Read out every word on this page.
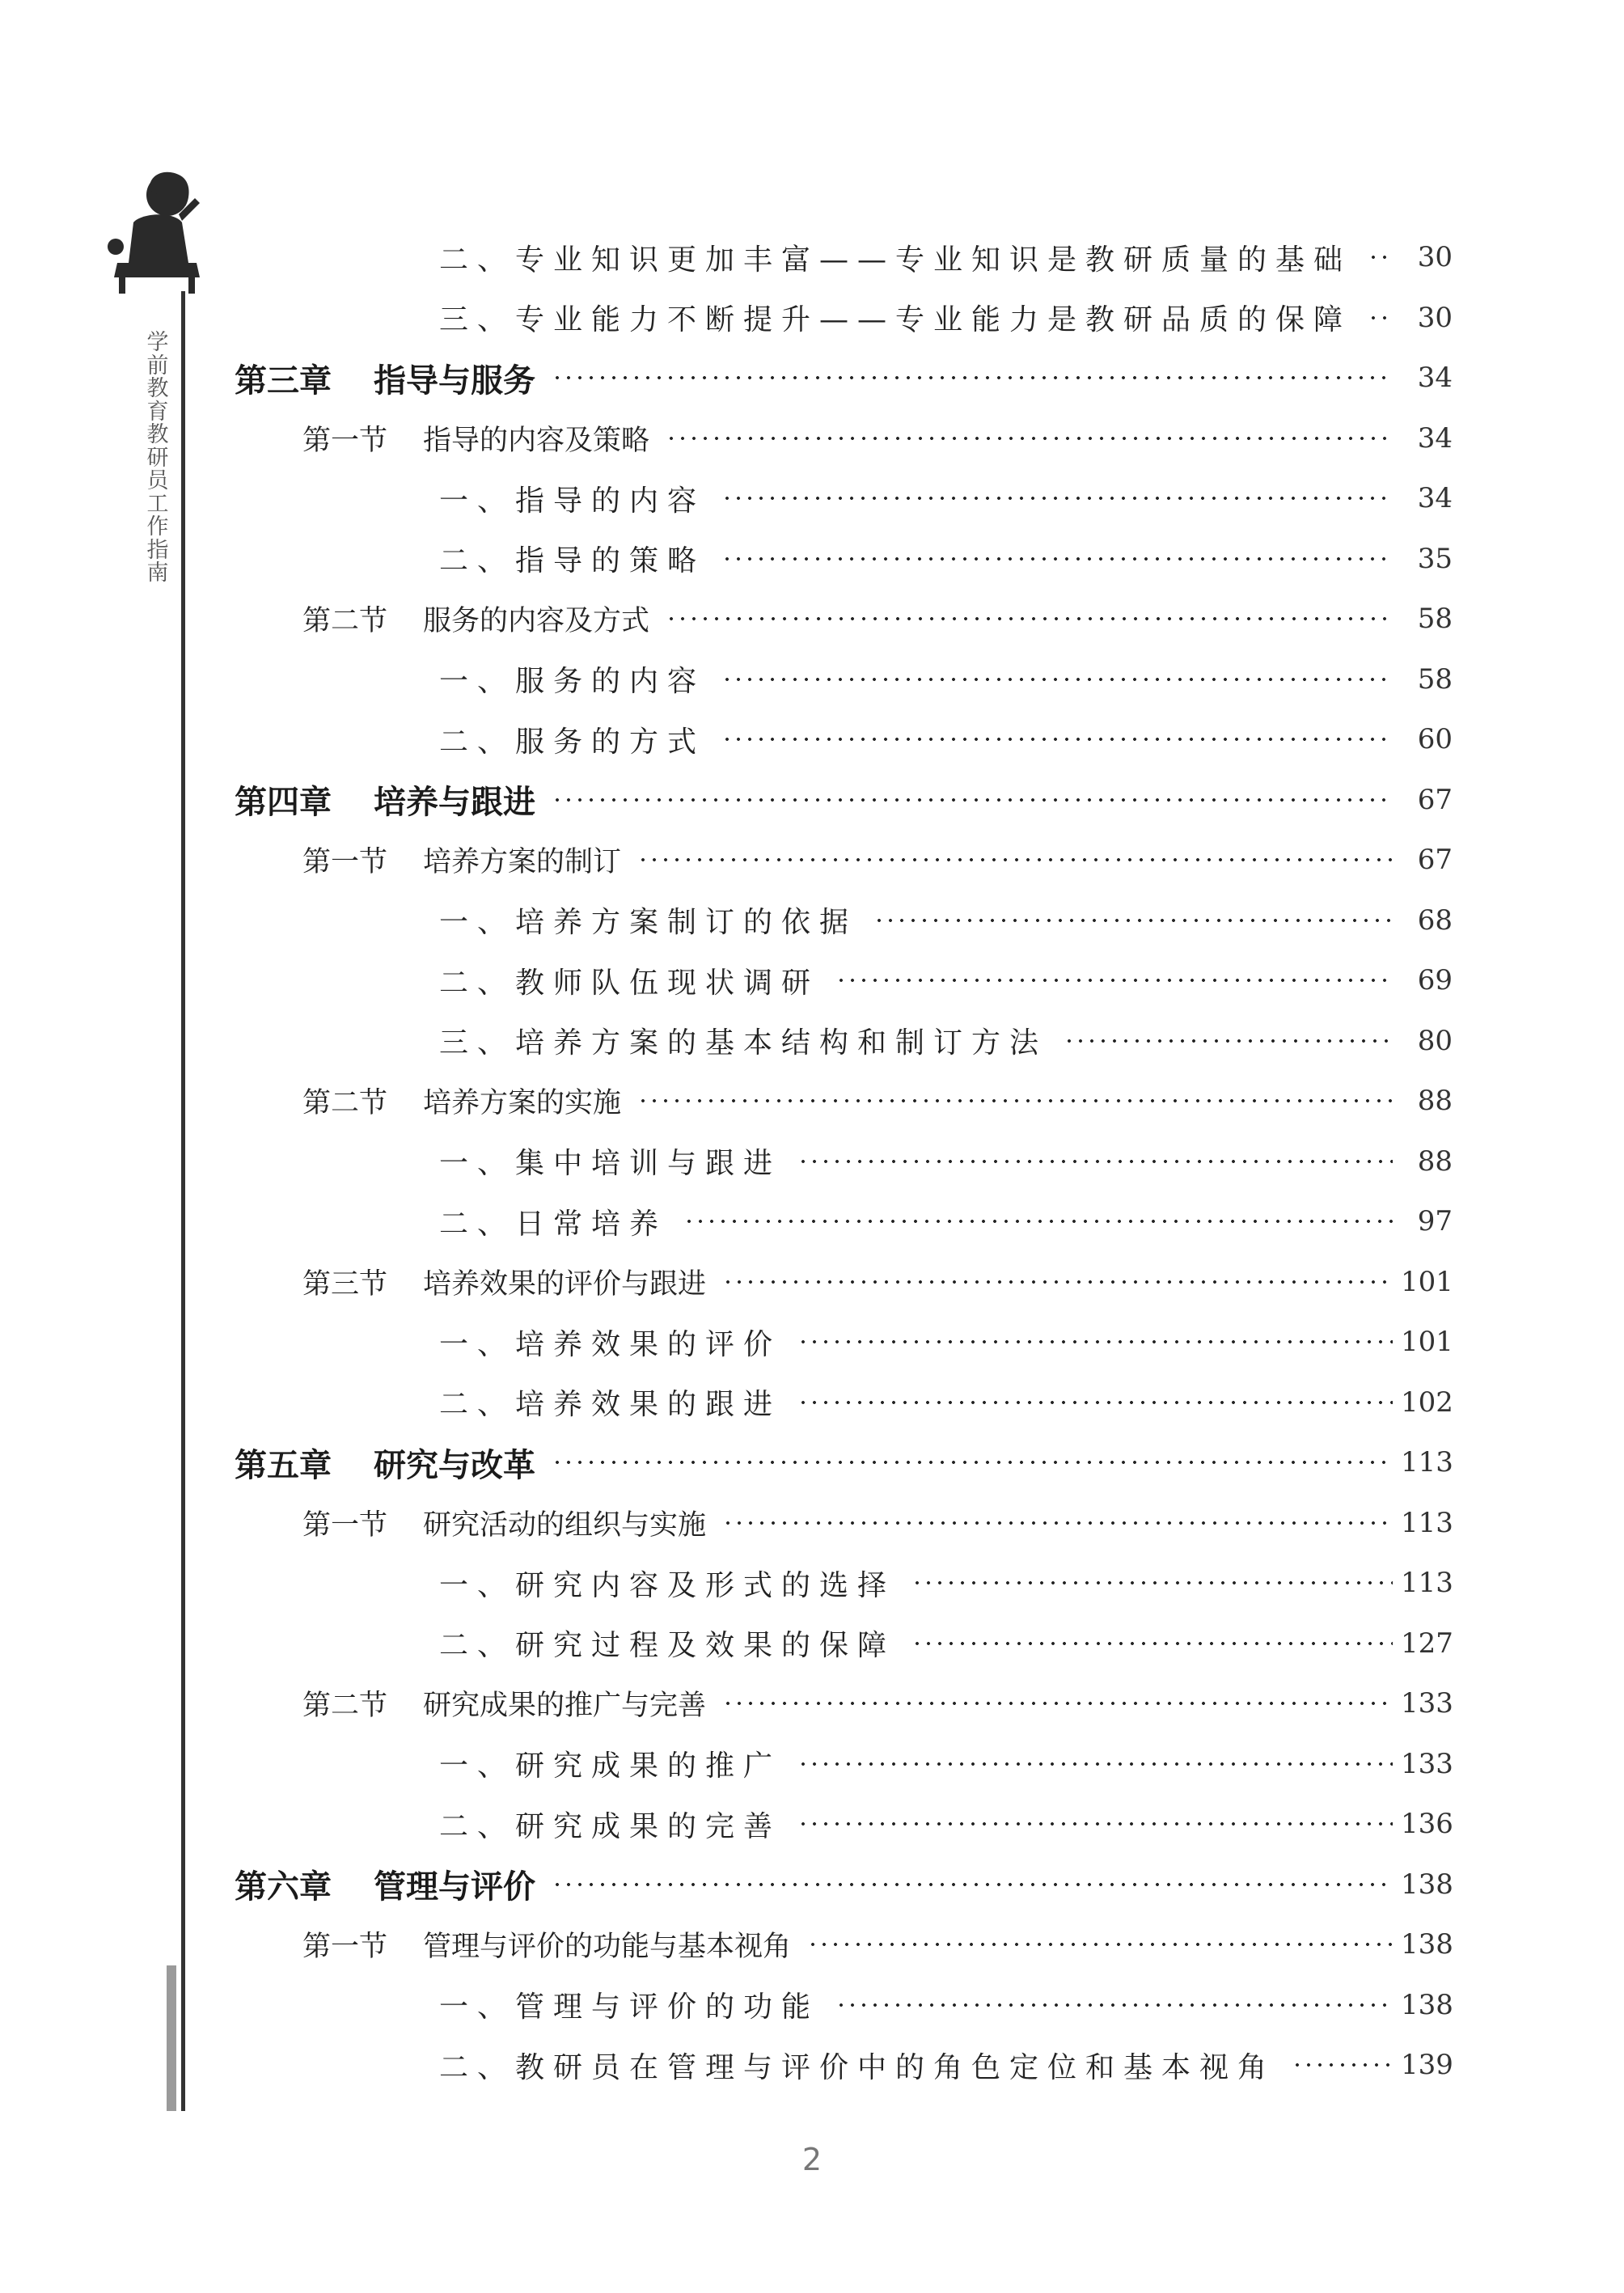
学前教育教研员工作指南
二、专业知识更加丰富——专业知识是教研质量的基础	30
三、专业能力不断提升——专业能力是教研品质的保障	30
第三章 指导与服务	34
第一节 指导的内容及策略	34
一、指导的内容	34
二、指导的策略	35
第二节 服务的内容及方式	58
一、服务的内容	58
二、服务的方式	60
第四章 培养与跟进	67
第一节 培养方案的制订	67
一、培养方案制订的依据	68
二、教师队伍现状调研	69
三、培养方案的基本结构和制订方法	80
第二节 培养方案的实施	88
一、集中培训与跟进	88
二、日常培养	97
第三节 培养效果的评价与跟进	101
一、培养效果的评价	101
二、培养效果的跟进	102
第五章 研究与改革	113
第一节 研究活动的组织与实施	113
一、研究内容及形式的选择	113
二、研究过程及效果的保障	127
第二节 研究成果的推广与完善	133
一、研究成果的推广	133
二、研究成果的完善	136
第六章 管理与评价	138
第一节 管理与评价的功能与基本视角	138
一、管理与评价的功能	138
二、教研员在管理与评价中的角色定位和基本视角	139
2
